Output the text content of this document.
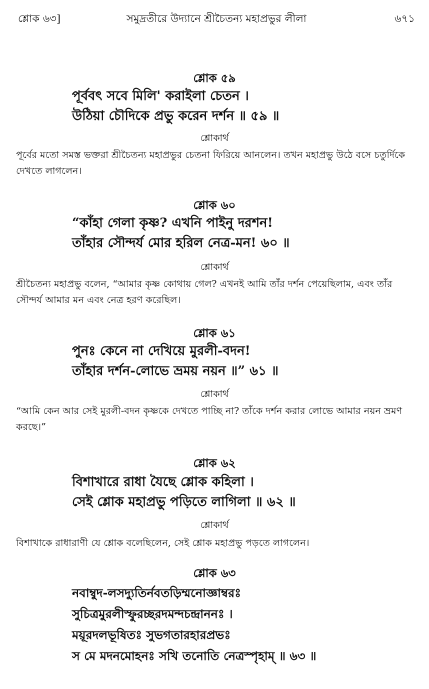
শ্লোক ৬৩]	সমুদ্রতীরে উদ্যানে শ্রীচৈতন্য মহাপ্রভুর লীলা	৬৭১
শ্লোক ৫৯
পূর্ববৎ সবে মিলি' করাইলা চেতন ।
উঠিয়া চৌদিকে প্রভু করেন দর্শন ॥ ৫৯ ॥
শ্লোকার্থ
পূর্বের মতো সমস্ত ভক্তরা শ্রীচৈতন্য মহাপ্রভুর চেতনা ফিরিয়ে আনলেন। তখন মহাপ্রভু উঠে বসে চতুর্দিকে দেখতে লাগলেন।
শ্লোক ৬০
“কাঁহা গেলা কৃষ্ণ? এখনি পাইনু দরশন!
তাঁহার সৌন্দর্য মোর হরিল নেত্র-মন! ৬০ ॥
শ্লোকার্থ
শ্রীচৈতন্য মহাপ্রভু বলেন, “আমার কৃষ্ণ কোথায় গেল? এখনই আমি তাঁর দর্শন পেয়েছিলাম, এবং তাঁর সৌন্দর্য আমার মন এবং নেত্র হরণ করেছিল।
শ্লোক ৬১
পুনঃ কেনে না দেখিয়ে মুরলী-বদন!
তাঁহার দর্শন-লোভে ভ্রময় নয়ন ॥” ৬১ ॥
শ্লোকার্থ
“আমি কেন আর সেই মুরলী-বদন কৃষ্ণকে দেখতে পাচ্ছি না? তাঁকে দর্শন করার লোভে আমার নয়ন ভ্রমণ করছে।”
শ্লোক ৬২
বিশাখারে রাধা যৈছে শ্লোক কহিলা ।
সেই শ্লোক মহাপ্রভু পড়িতে লাগিলা ॥ ৬২ ॥
শ্লোকার্থ
বিশাখাকে রাধারাণী যে শ্লোক বলেছিলেন, সেই শ্লোক মহাপ্রভু পড়তে লাগলেন।
শ্লোক ৬৩
নবাম্বুদ-লসদ্যুতির্নবতড়িম্মনোজ্ঞাম্বরঃ
সুচিত্রমুরলীস্ফুরচ্ছরদমন্দচন্দ্রাননঃ ।
ময়ূরদলভূষিতঃ সুভগতারহারপ্রভঃ
স মে মদনমোহনঃ সখি তনোতি নেত্রস্পৃহাম্‌ ॥ ৬৩ ॥
